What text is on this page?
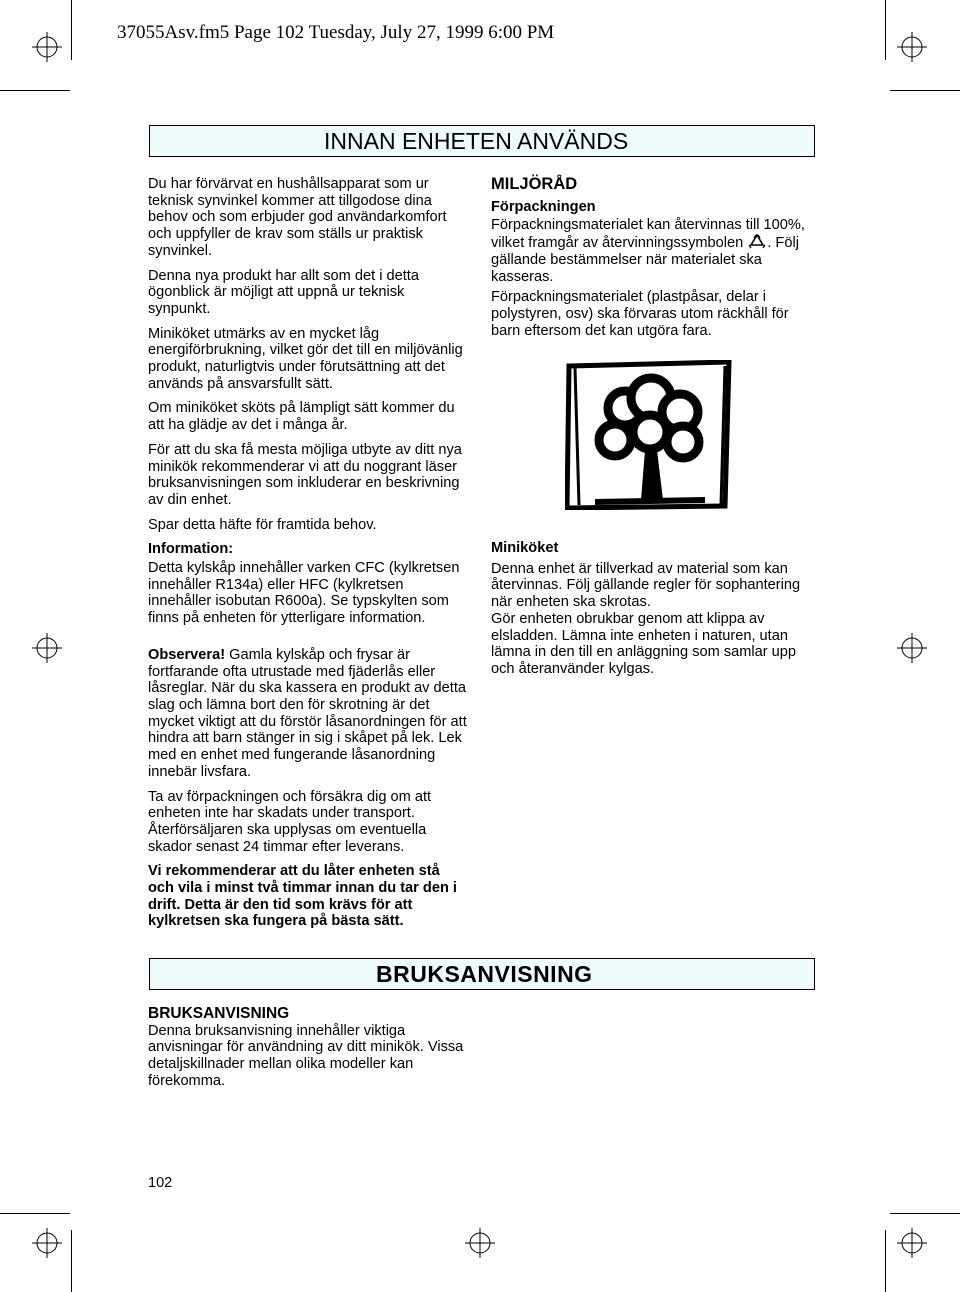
37055Asv.fm5 Page 102 Tuesday, July 27, 1999 6:00 PM
INNAN ENHETEN ANVÄNDS

Du har förvärvat en hushållsapparat som ur teknisk synvinkel kommer att tillgodose dina behov och som erbjuder god användarkomfort och uppfyller de krav som ställs ur praktisk synvinkel.

Denna nya produkt har allt som det i detta ögonblick är möjligt att uppnå ur teknisk synpunkt.

Miniköket utmärks av en mycket låg energiförbrukning, vilket gör det till en miljövänlig produkt, naturligtvis under förutsättning att det används på ansvarsfullt sätt.

Om miniköket sköts på lämpligt sätt kommer du att ha glädje av det i många år.

För att du ska få mesta möjliga utbyte av ditt nya minikök rekommenderar vi att du noggrant läser bruksanvisningen som inkluderar en beskrivning av din enhet.

Spar detta häfte för framtida behov.

Information:

Detta kylskåp innehåller varken CFC (kylkretsen innehåller R134a) eller HFC (kylkretsen innehåller isobutan R600a). Se typskylten som finns på enheten för ytterligare information.

Observera! Gamla kylskåp och frysar är fortfarande ofta utrustade med fjäderlås eller låsreglar. När du ska kassera en produkt av detta slag och lämna bort den för skrotning är det mycket viktigt att du förstör låsanordningen för att hindra att barn stänger in sig i skåpet på lek. Lek med en enhet med fungerande låsanordning innebär livsfara.

Ta av förpackningen och försäkra dig om att enheten inte har skadats under transport. Återförsäljaren ska upplysas om eventuella skador senast 24 timmar efter leverans.

Vi rekommenderar att du låter enheten stå och vila i minst två timmar innan du tar den i drift. Detta är den tid som krävs för att kylkretsen ska fungera på bästa sätt.

MILJÖRÅD

Förpackningen

Förpackningsmaterialet kan återvinnas till 100%, vilket framgår av återvinningssymbolen . Följ gällande bestämmelser när materialet ska kasseras.

Förpackningsmaterialet (plastpåsar, delar i polystyren, osv) ska förvaras utom räckhåll för barn eftersom det kan utgöra fara.

Miniköket

Denna enhet är tillverkad av material som kan återvinnas. Följ gällande regler för sophantering när enheten ska skrotas.

Gör enheten obrukbar genom att klippa av elsladden. Lämna inte enheten i naturen, utan lämna in den till en anläggning som samlar upp och återanvänder kylgas.

BRUKSANVISNING

BRUKSANVISNING

Denna bruksanvisning innehåller viktiga anvisningar för användning av ditt minikök. Vissa detaljskillnader mellan olika modeller kan förekomma.

102
